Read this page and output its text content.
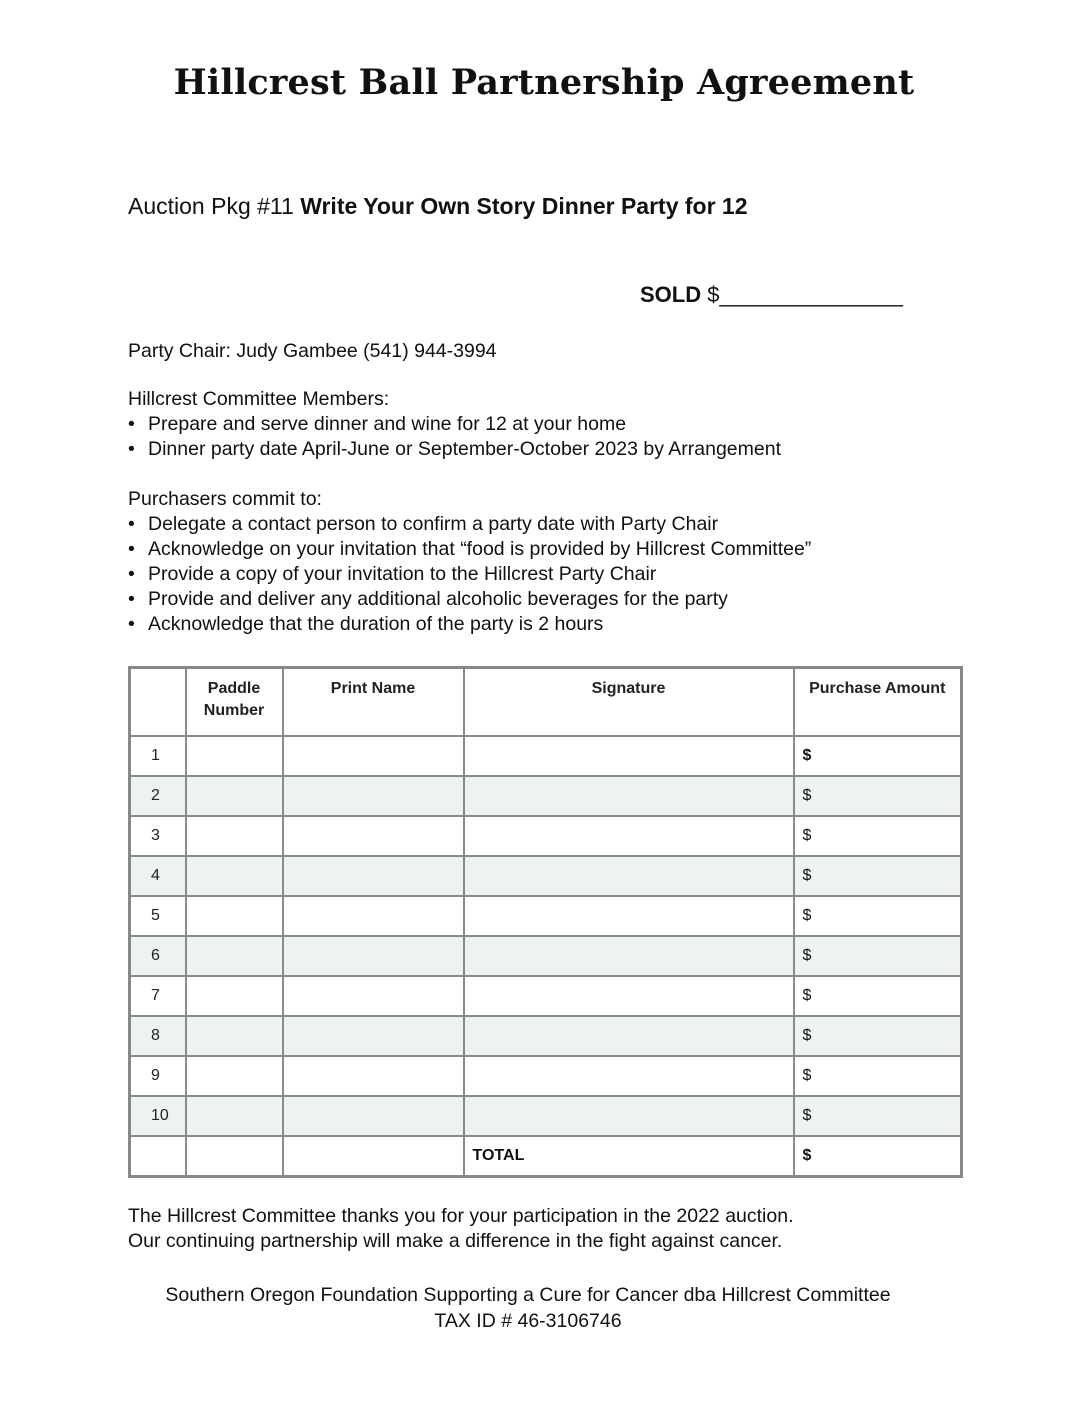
Hillcrest Ball Partnership Agreement
Auction Pkg #11 Write Your Own Story Dinner Party for 12
SOLD $_______________
Party Chair: Judy Gambee (541) 944-3994
Hillcrest Committee Members:
• Prepare and serve dinner and wine for 12 at your home
• Dinner party date April-June or September-October 2023 by Arrangement
Purchasers commit to:
• Delegate a contact person to confirm a party date with Party Chair
• Acknowledge on your invitation that “food is provided by Hillcrest Committee”
• Provide a copy of your invitation to the Hillcrest Party Chair
• Provide and deliver any additional alcoholic beverages for the party
• Acknowledge that the duration of the party is 2 hours
	Paddle Number	Print Name	Signature	Purchase Amount
1				$
2				$
3				$
4				$
5				$
6				$
7				$
8				$
9				$
10				$
			TOTAL	$
The Hillcrest Committee thanks you for your participation in the 2022 auction.
Our continuing partnership will make a difference in the fight against cancer.
Southern Oregon Foundation Supporting a Cure for Cancer dba Hillcrest Committee
TAX ID # 46-3106746
